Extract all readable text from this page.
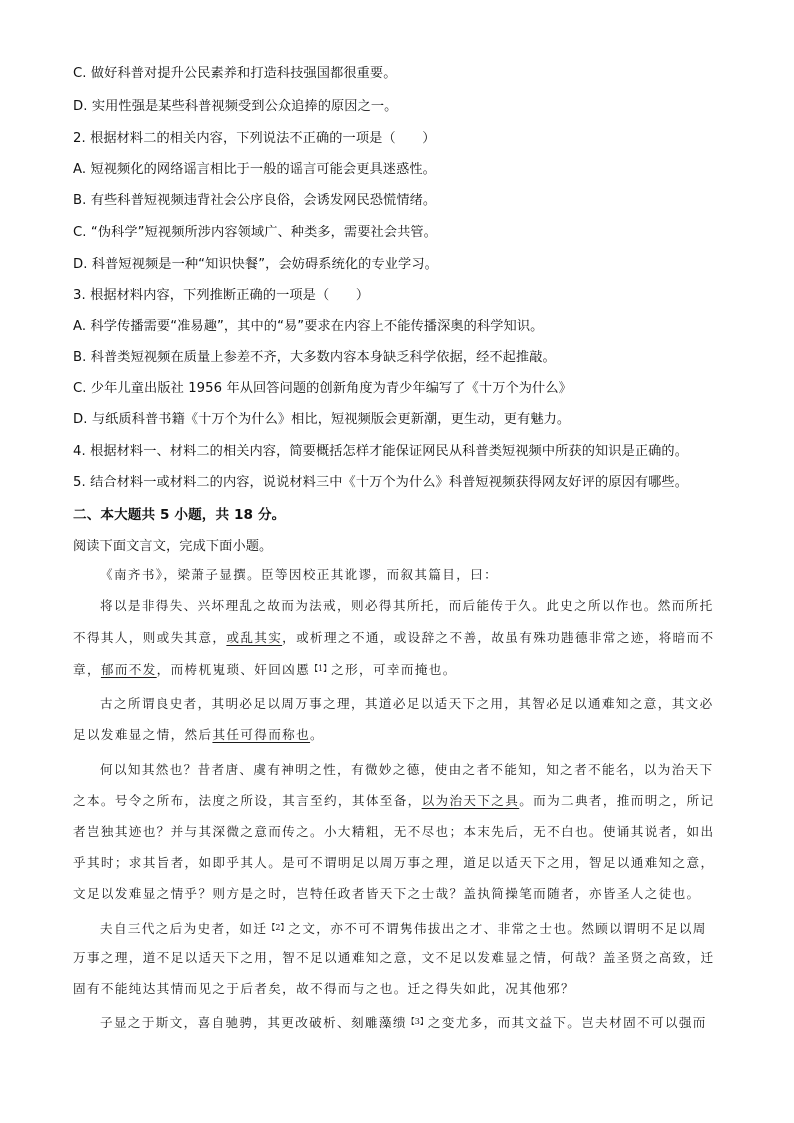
C. 做好科普对提升公民素养和打造科技强国都很重要。
D. 实用性强是某些科普视频受到公众追捧的原因之一。
2. 根据材料二的相关内容，下列说法不正确的一项是（　　）
A. 短视频化的网络谣言相比于一般的谣言可能会更具迷惑性。
B. 有些科普短视频违背社会公序良俗，会诱发网民恐慌情绪。
C. “伪科学”短视频所涉内容领域广、种类多，需要社会共管。
D. 科普短视频是一种“知识快餐”，会妨碍系统化的专业学习。
3. 根据材料内容，下列推断正确的一项是（　　）
A. 科学传播需要“准易趣”，其中的“易”要求在内容上不能传播深奥的科学知识。
B. 科普类短视频在质量上参差不齐，大多数内容本身缺乏科学依据，经不起推敲。
C. 少年儿童出版社 1956 年从回答问题的创新角度为青少年编写了《十万个为什么》
D. 与纸质科普书籍《十万个为什么》相比，短视频版会更新潮，更生动，更有魅力。
4. 根据材料一、材料二的相关内容，简要概括怎样才能保证网民从科普类短视频中所获的知识是正确的。
5. 结合材料一或材料二的内容，说说材料三中《十万个为什么》科普短视频获得网友好评的原因有哪些。
二、本大题共 5 小题，共 18 分。
阅读下面文言文，完成下面小题。
《南齐书》，梁萧子显撰。臣等因校正其讹谬，而叙其篇目，曰：
将以是非得失、兴坏理乱之故而为法戒，则必得其所托，而后能传于久。此史之所以作也。然而所托
不得其人，则或失其意，或乱其实，或析理之不通，或设辞之不善，故虽有殊功韪德非常之迹，将暗而不
章，郁而不发，而梼杌嵬琐、奸回凶慝$^{【1】}$之形，可幸而掩也。
古之所谓良史者，其明必足以周万事之理，其道必足以适天下之用，其智必足以通难知之意，其文必
足以发难显之情，然后其任可得而称也。
何以知其然也？昔者唐、虞有神明之性，有微妙之德，使由之者不能知，知之者不能名，以为治天下
之本。号令之所布，法度之所设，其言至约，其体至备，以为治天下之具。而为二典者，推而明之，所记
者岂独其迹也？并与其深微之意而传之。小大精粗，无不尽也；本末先后，无不白也。使诵其说者，如出
乎其时；求其旨者，如即乎其人。是可不谓明足以周万事之理，道足以适天下之用，智足以通难知之意，
文足以发难显之情乎？则方是之时，岂特任政者皆天下之士哉？盖执简操笔而随者，亦皆圣人之徒也。
夫自三代之后为史者，如迁$^{【2】}$之文，亦不可不谓隽伟拔出之才、非常之士也。然顾以谓明不足以周
万事之理，道不足以适天下之用，智不足以通难知之意，文不足以发难显之情，何哉？盖圣贤之高致，迁
固有不能纯达其情而见之于后者矣，故不得而与之也。迁之得失如此，况其他邪？
子显之于斯文，喜自驰骋，其更改破析、刻雕藻缋$^{【3】}$之变尤多，而其文益下。岂夫材固不可以强而
